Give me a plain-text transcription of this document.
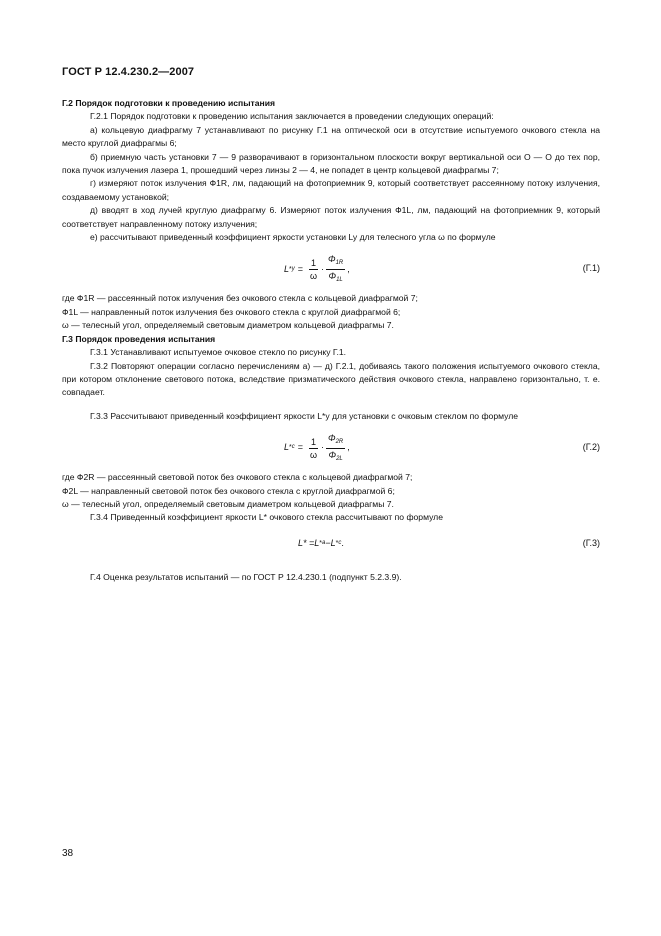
ГОСТ Р 12.4.230.2—2007

Г.2 Порядок подготовки к проведению испытания

Г.2.1 Порядок подготовки к проведению испытания заключается в проведении следующих операций:

а) кольцевую диафрагму 7 устанавливают по рисунку Г.1 на оптической оси в отсутствие испытуемого очкового стекла на место круглой диафрагмы 6;

б) приемную часть установки 7 — 9 разворачивают в горизонтальном плоскости вокруг вертикальной оси О — О до тех пор, пока пучок излучения лазера 1, прошедший через линзы 2 — 4, не попадет в центр кольцевой диафрагмы 7;

г) измеряют поток излучения Ф1R, лм, падающий на фотоприемник 9, который соответствует рассеянному потоку излучения, создаваемому установкой;

д) вводят в ход лучей круглую диафрагму 6. Измеряют поток излучения Ф1L, лм, падающий на фотоприемник 9, который соответствует направленному потоку излучения;

е) рассчитывают приведенный коэффициент яркости установки Ly для телесного угла ω по формуле

$L * y = \frac{1}{\omega} \cdot \frac{\Phi_{1R}}{\Phi_{1L}}$ ,	(Г.1)

где Ф1R — рассеянный поток излучения без очкового стекла с кольцевой диафрагмой 7;

Ф1L — направленный поток излучения без очкового стекла с круглой диафрагмой 6;

ω — телесный угол, определяемый световым диаметром кольцевой диафрагмы 7.

Г.3 Порядок проведения испытания

Г.3.1 Устанавливают испытуемое очковое стекло по рисунку Г.1.

Г.3.2 Повторяют операции согласно перечислениям а) — д) Г.2.1, добиваясь такого положения испытуемого очкового стекла, при котором отклонение светового потока, вследствие призматического действия очкового стекла, направлено горизонтально, т. е. совпадает.

Г.3.3 Рассчитывают приведенный коэффициент яркости L*y для установки с очковым стеклом по формуле

$L * c = \frac{1}{\omega} \cdot \frac{\Phi_{2R}}{\Phi_{2L}}$ ,	(Г.2)

где Ф2R — рассеянный световой поток без очкового стекла с кольцевой диафрагмой 7;

Ф2L — направленный световой поток без очкового стекла с круглой диафрагмой 6;

ω — телесный угол, определяемый световым диаметром кольцевой диафрагмы 7.

Г.3.4 Приведенный коэффициент яркости L* очкового стекла рассчитывают по формуле

L* = L * a − L * c .	(Г.3)

Г.4 Оценка результатов испытаний — по ГОСТ Р 12.4.230.1 (подпункт 5.2.3.9).

38
